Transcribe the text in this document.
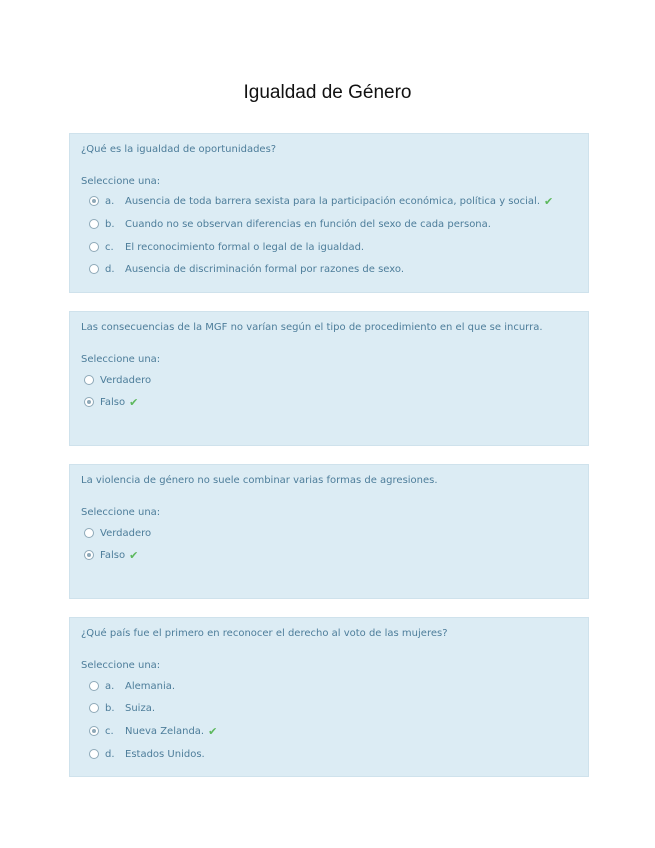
Igualdad de Género
¿Qué es la igualdad de oportunidades?
Seleccione una:
a.	Ausencia de toda barrera sexista para la participación económica, política y social. ✔
b.	Cuando no se observan diferencias en función del sexo de cada persona.
c.	El reconocimiento formal o legal de la igualdad.
d.	Ausencia de discriminación formal por razones de sexo.
Las consecuencias de la MGF no varían según el tipo de procedimiento en el que se incurra.
Seleccione una:
Verdadero
Falso ✔
La violencia de género no suele combinar varias formas de agresiones.
Seleccione una:
Verdadero
Falso ✔
¿Qué país fue el primero en reconocer el derecho al voto de las mujeres?
Seleccione una:
a.	Alemania.
b.	Suiza.
c.	Nueva Zelanda. ✔
d.	Estados Unidos.
